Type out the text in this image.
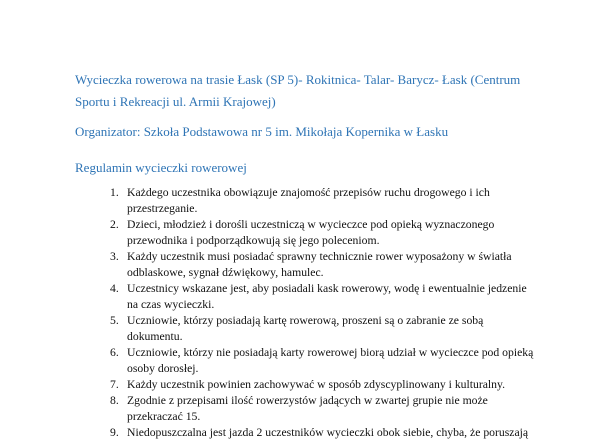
Wycieczka rowerowa na trasie Łask (SP 5)- Rokitnica- Talar- Barycz- Łask (Centrum
Sportu i Rekreacji ul. Armii Krajowej)

Organizator: Szkoła Podstawowa nr 5 im. Mikołaja Kopernika w Łasku

Regulamin wycieczki rowerowej

1. Każdego uczestnika obowiązuje znajomość przepisów ruchu drogowego i ich
przestrzeganie.
2. Dzieci, młodzież i dorośli uczestniczą w wycieczce pod opieką wyznaczonego
przewodnika i podporządkowują się jego poleceniom.
3. Każdy uczestnik musi posiadać sprawny technicznie rower wyposażony w światła
odblaskowe, sygnał dźwiękowy, hamulec.
4. Uczestnicy wskazane jest, aby posiadali kask rowerowy, wodę i ewentualnie jedzenie
na czas wycieczki.
5. Uczniowie, którzy posiadają kartę rowerową, proszeni są o zabranie ze sobą
dokumentu.
6. Uczniowie, którzy nie posiadają karty rowerowej biorą udział w wycieczce pod opieką
osoby dorosłej.
7. Każdy uczestnik powinien zachowywać w sposób zdyscyplinowany i kulturalny.
8. Zgodnie z przepisami ilość rowerzystów jadących w zwartej grupie nie może
przekraczać 15.
9. Niedopuszczalna jest jazda 2 uczestników wycieczki obok siebie, chyba, że poruszają
